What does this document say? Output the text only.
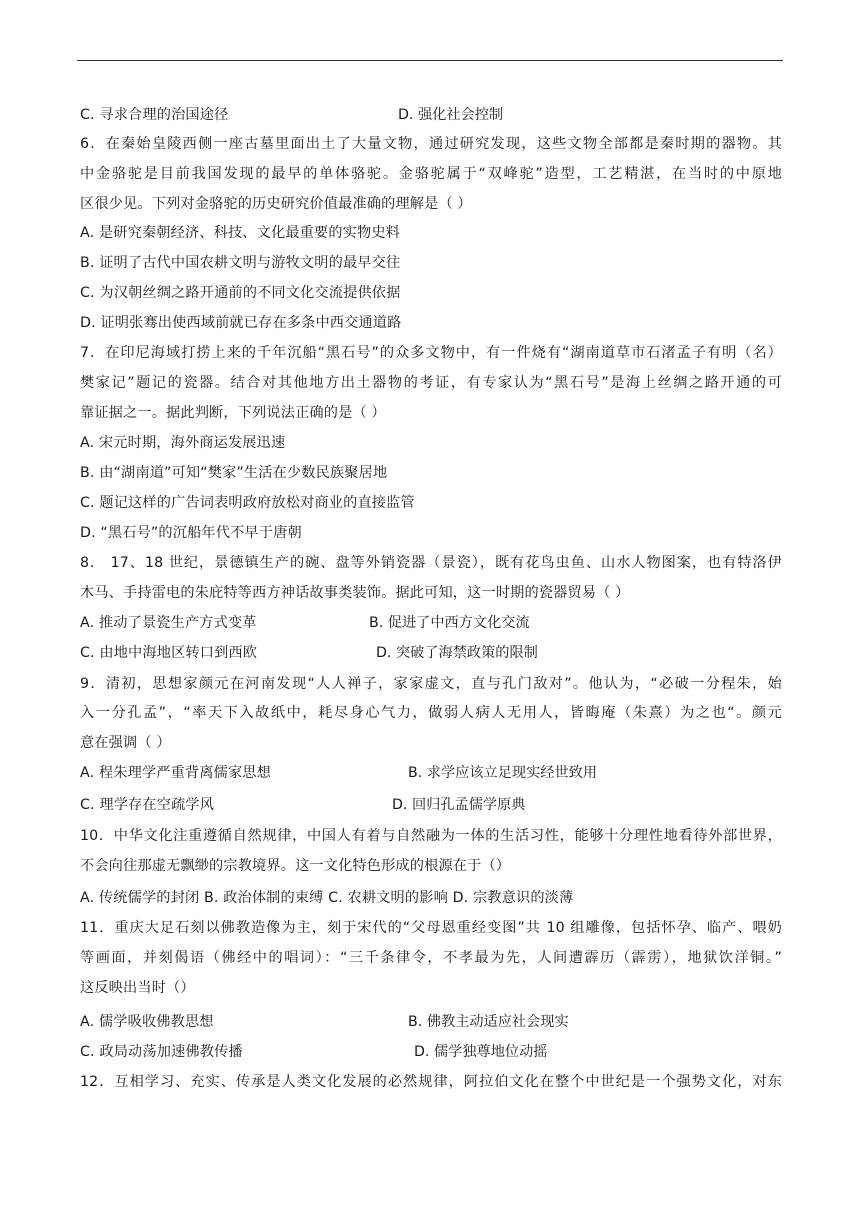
C. 寻求合理的治国途径	D. 强化社会控制
6．在秦始皇陵西侧一座古墓里面出土了大量文物，通过研究发现，这些文物全部都是秦时期的器物。其
中金骆驼是目前我国发现的最早的单体骆驼。金骆驼属于“双峰驼”造型，工艺精湛，在当时的中原地
区很少见。下列对金骆驼的历史研究价值最准确的理解是（ ）
A. 是研究秦朝经济、科技、文化最重要的实物史料
B. 证明了古代中国农耕文明与游牧文明的最早交往
C. 为汉朝丝绸之路开通前的不同文化交流提供依据
D. 证明张骞出使西域前就已存在多条中西交通道路
7．在印尼海域打捞上来的千年沉船“黑石号”的众多文物中，有一件烧有“湖南道草市石渚孟子有明（名）
樊家记”题记的瓷器。结合对其他地方出土器物的考证，有专家认为“黑石号”是海上丝绸之路开通的可
靠证据之一。据此判断，下列说法正确的是（ ）
A. 宋元时期，海外商运发展迅速
B. 由“湖南道”可知“樊家”生活在少数民族聚居地
C. 题记这样的广告词表明政府放松对商业的直接监管
D. “黑石号”的沉船年代不早于唐朝
8． 17、18 世纪，景德镇生产的碗、盘等外销瓷器（景瓷），既有花鸟虫鱼、山水人物图案，也有特洛伊
木马、手持雷电的朱庇特等西方神话故事类装饰。据此可知，这一时期的瓷器贸易（ ）
A. 推动了景瓷生产方式变革	B. 促进了中西方文化交流
C. 由地中海地区转口到西欧	D. 突破了海禁政策的限制
9．清初，思想家颜元在河南发现“人人禅子，家家虚文，直与孔门敌对”。他认为，“必破一分程朱，始
入一分孔孟”，“率天下入故纸中，耗尽身心气力，做弱人病人无用人，皆晦庵（朱熹）为之也“。颜元
意在强调（ ）
A. 程朱理学严重背离儒家思想	B. 求学应该立足现实经世致用
C. 理学存在空疏学风	D. 回归孔孟儒学原典
10．中华文化注重遵循自然规律，中国人有着与自然融为一体的生活习性，能够十分理性地看待外部世界，
不会向往那虚无飘缈的宗教境界。这一文化特色形成的根源在于（）
A. 传统儒学的封闭 B. 政治体制的束缚 C. 农耕文明的影响 D. 宗教意识的淡薄
11．重庆大足石刻以佛教造像为主，刻于宋代的“父母恩重经变图”共 10 组雕像，包括怀孕、临产、喂奶
等画面，并刻偈语（佛经中的唱词）：“三千条律令，不孝最为先，人间遭霹历（霹雳），地狱饮洋铜。”
这反映出当时（）
A. 儒学吸收佛教思想	B. 佛教主动适应社会现实
C. 政局动荡加速佛教传播	D. 儒学独尊地位动摇
12．互相学习、充实、传承是人类文化发展的必然规律，阿拉伯文化在整个中世纪是一个强势文化，对东
